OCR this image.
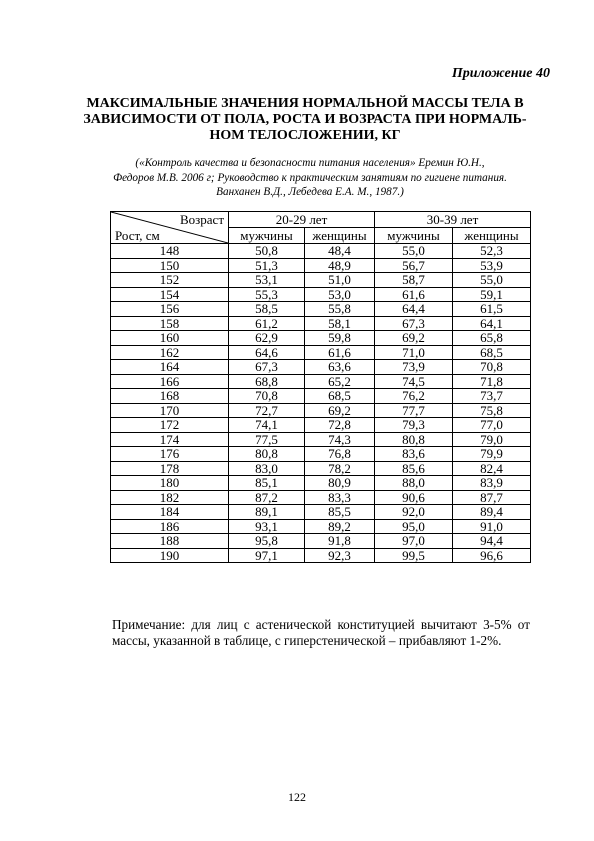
Приложение 40
МАКСИМАЛЬНЫЕ ЗНАЧЕНИЯ НОРМАЛЬНОЙ МАССЫ ТЕЛА В
ЗАВИСИМОСТИ ОТ ПОЛА, РОСТА И ВОЗРАСТА ПРИ НОРМАЛЬ-
НОМ ТЕЛОСЛОЖЕНИИ, КГ
(«Контроль качества и безопасности питания населения» Еремин Ю.Н.,
Федоров М.В. 2006 г; Руководство к практическим занятиям по гигиене питания.
Ванханен В.Д., Лебедева Е.А. М., 1987.)
Возраст
Рост, см	20-29 лет		30-39 лет	
	мужчины	женщины	мужчины	женщины
148	50,8	48,4	55,0	52,3
150	51,3	48,9	56,7	53,9
152	53,1	51,0	58,7	55,0
154	55,3	53,0	61,6	59,1
156	58,5	55,8	64,4	61,5
158	61,2	58,1	67,3	64,1
160	62,9	59,8	69,2	65,8
162	64,6	61,6	71,0	68,5
164	67,3	63,6	73,9	70,8
166	68,8	65,2	74,5	71,8
168	70,8	68,5	76,2	73,7
170	72,7	69,2	77,7	75,8
172	74,1	72,8	79,3	77,0
174	77,5	74,3	80,8	79,0
176	80,8	76,8	83,6	79,9
178	83,0	78,2	85,6	82,4
180	85,1	80,9	88,0	83,9
182	87,2	83,3	90,6	87,7
184	89,1	85,5	92,0	89,4
186	93,1	89,2	95,0	91,0
188	95,8	91,8	97,0	94,4
190	97,1	92,3	99,5	96,6
Примечание: для лиц с астенической конституцией вычитают 3-5% от массы, указанной в таблице, с гиперстенической – прибавляют 1-2%.
122
